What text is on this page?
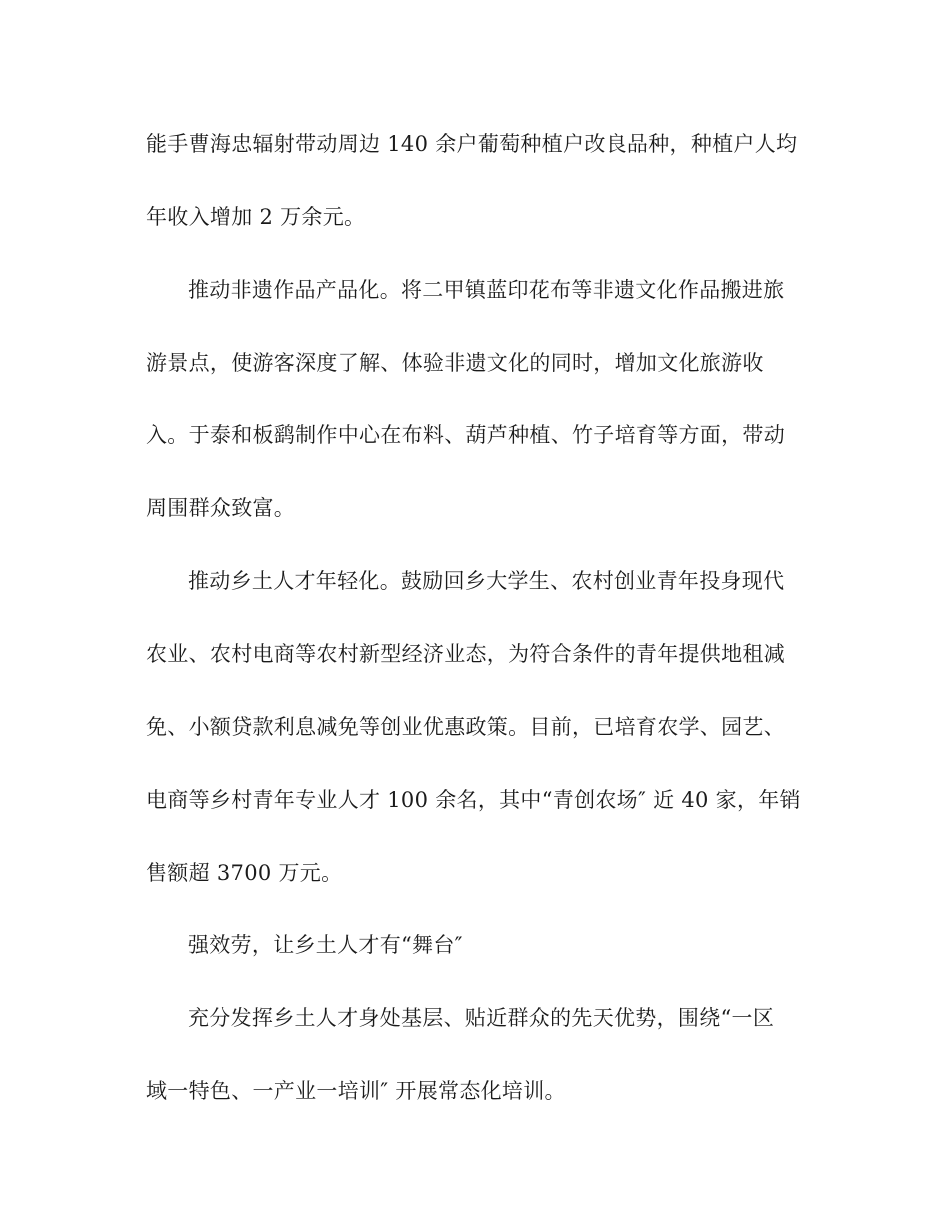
能手曹海忠辐射带动周边 140 余户葡萄种植户改良品种，种植户人均
年收入增加 2 万余元。
推动非遗作品产品化。将二甲镇蓝印花布等非遗文化作品搬进旅
游景点，使游客深度了解、体验非遗文化的同时，增加文化旅游收
入。于泰和板鹞制作中心在布料、葫芦种植、竹子培育等方面，带动
周围群众致富。
推动乡土人才年轻化。鼓励回乡大学生、农村创业青年投身现代
农业、农村电商等农村新型经济业态，为符合条件的青年提供地租减
免、小额贷款利息减免等创业优惠政策。目前，已培育农学、园艺、
电商等乡村青年专业人才 100 余名，其中“青创农场″ 近 40 家，年销
售额超 3700 万元。
强效劳，让乡土人才有“舞台″
充分发挥乡土人才身处基层、贴近群众的先天优势，围绕“一区
域一特色、一产业一培训″ 开展常态化培训。
